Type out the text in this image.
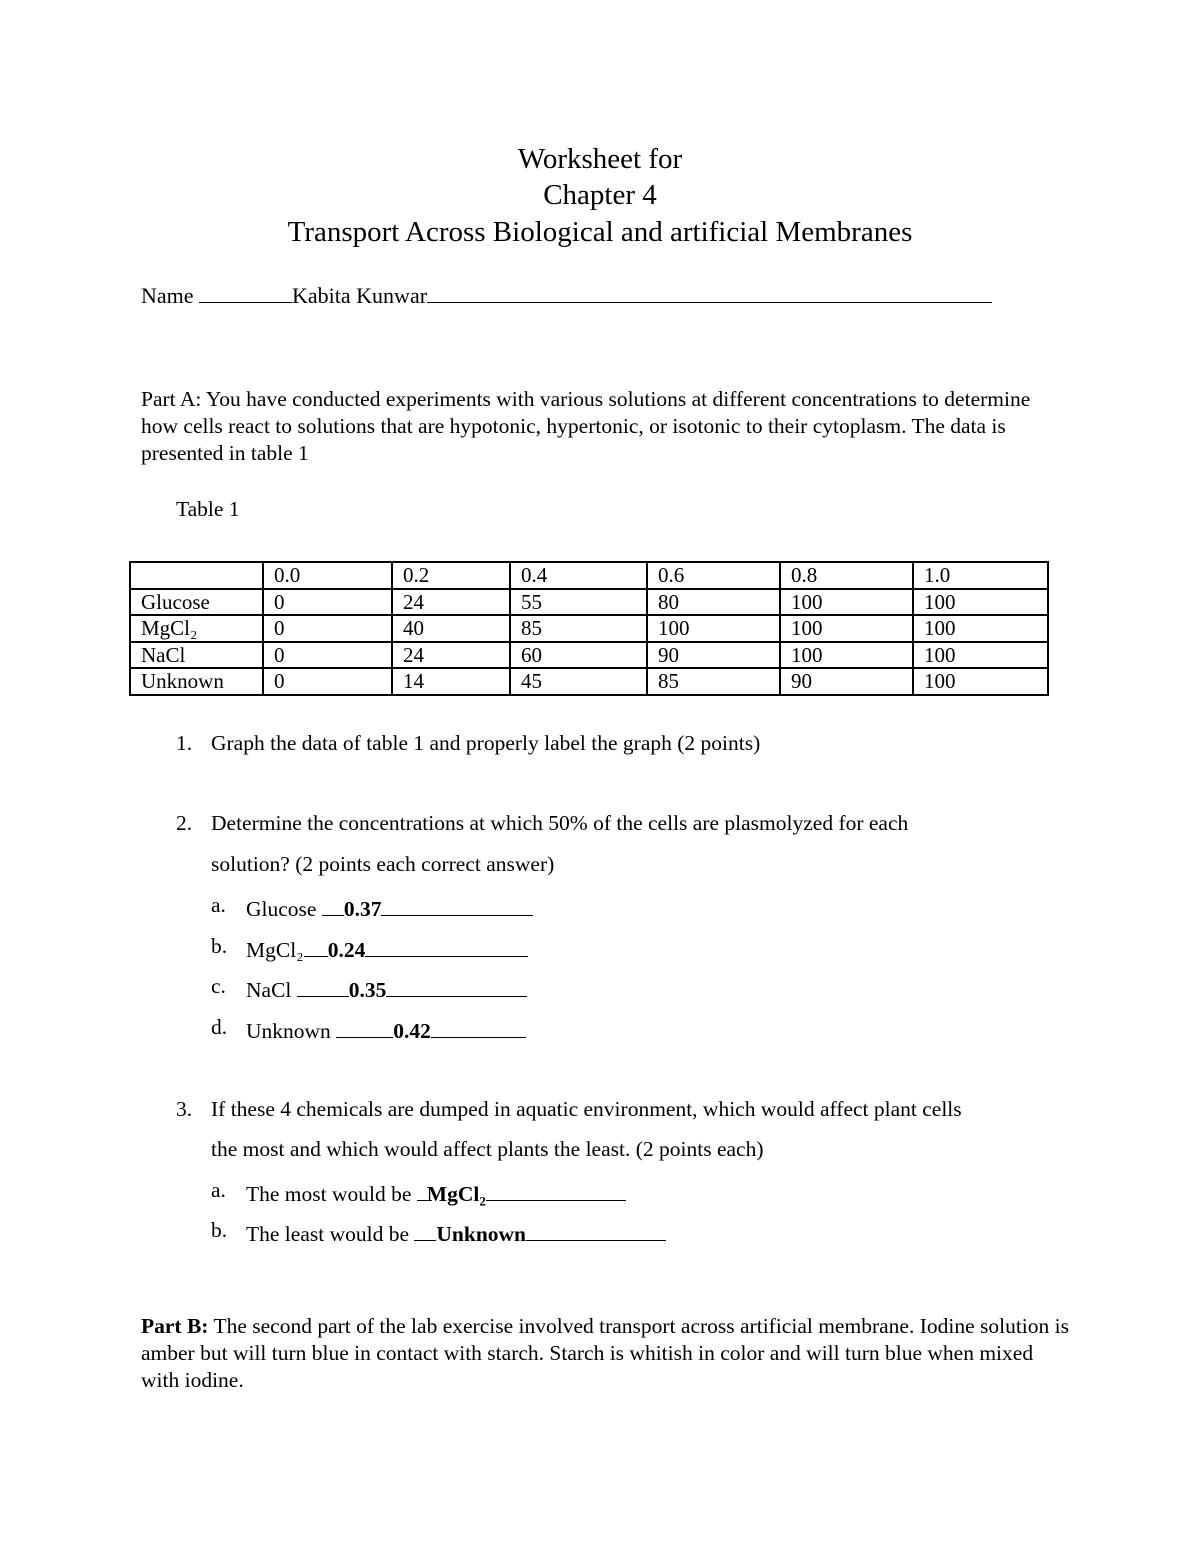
Worksheet for
Chapter 4
Transport Across Biological and artificial Membranes
Name	Kabita Kunwar
Part A: You have conducted experiments with various solutions at different concentrations to determine how cells react to solutions that are hypotonic, hypertonic, or isotonic to their cytoplasm. The data is presented in table 1
Table 1
	0.0	0.2	0.4	0.6	0.8	1.0
Glucose	0	24	55	80	100	100
MgCl₂	0	40	85	100	100	100
NaCl	0	24	60	90	100	100
Unknown	0	14	45	85	90	100
1. Graph the data of table 1 and properly label the graph (2 points)
2. Determine the concentrations at which 50% of the cells are plasmolyzed for each
solution? (2 points each correct answer)
a. Glucose 0.37
b. MgCl₂ 0.24
c. NaCl	0.35
d. Unknown	0.42
3. If these 4 chemicals are dumped in aquatic environment, which would affect plant cells
the most and which would affect plants the least. (2 points each)
a. The most would be MgCl₂
b. The least would be Unknown
Part B: The second part of the lab exercise involved transport across artificial membrane. Iodine solution is amber but will turn blue in contact with starch. Starch is whitish in color and will turn blue when mixed with iodine.
